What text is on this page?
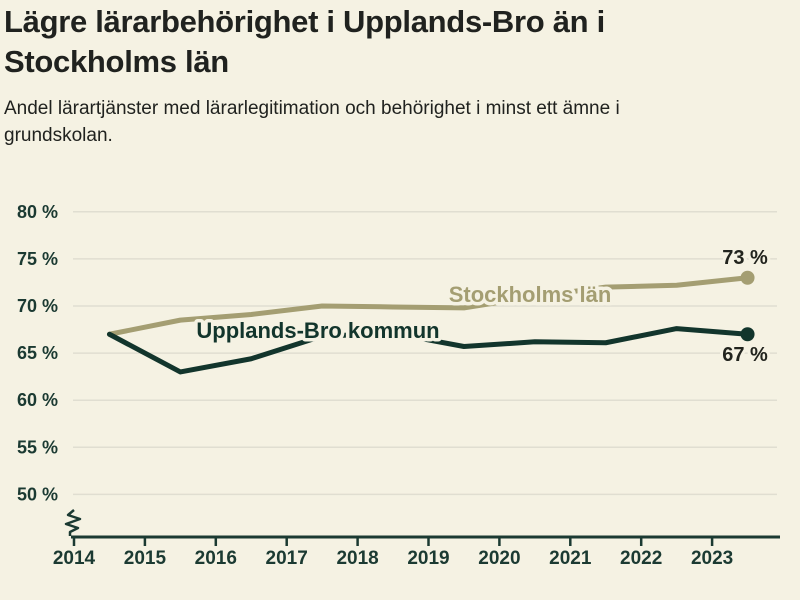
80 %
75 %
70 %
65 %
60 %
55 %
50 %
2014 2015 2016 2017 2018 2019 2020 2021 2022 2023
Stockholms län
Upplands-Bro kommun
73 %
67 %
Lägre lärarbehörighet i Upplands-Bro än i
Stockholms län

Andel lärartjänster med lärarlegitimation och behörighet i minst ett ämne i
grundskolan.
